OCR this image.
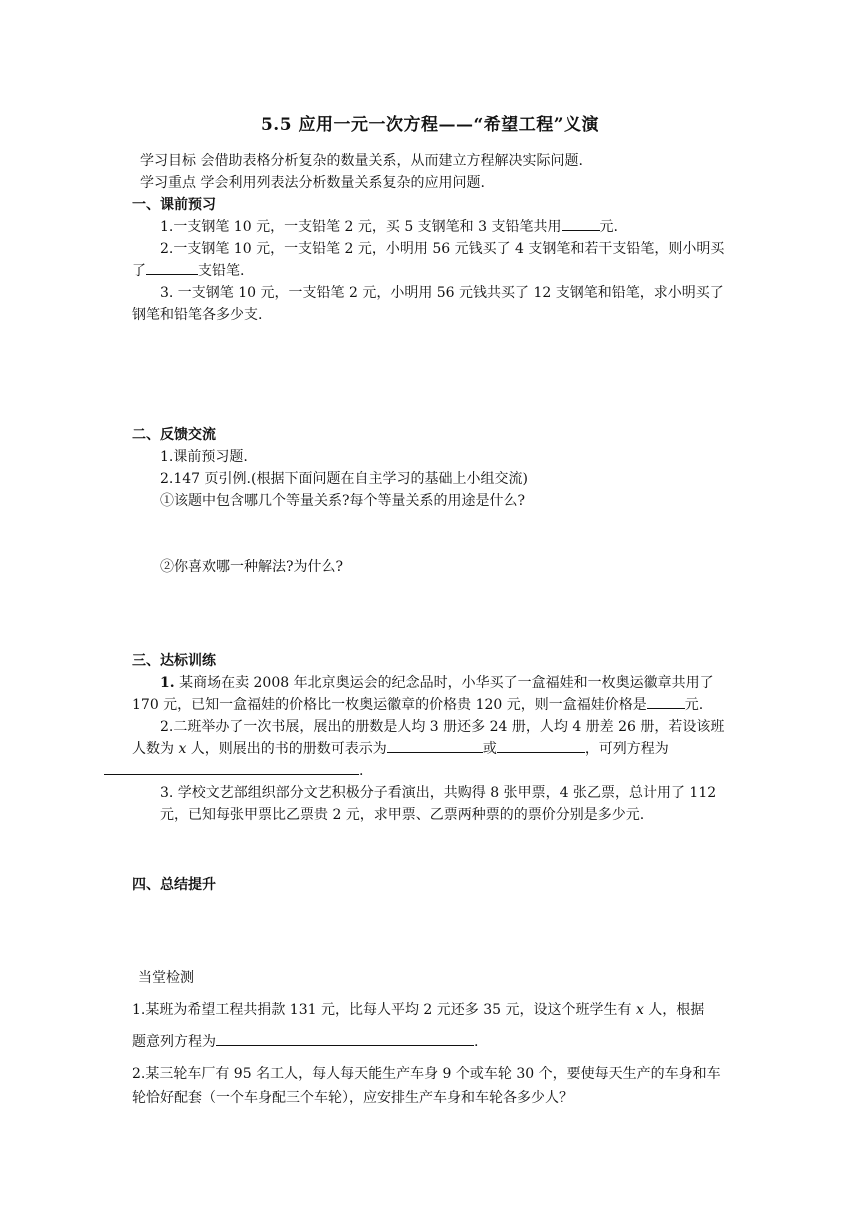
5.5 应用一元一次方程——“希望工程”义演
学习目标 会借助表格分析复杂的数量关系，从而建立方程解决实际问题.
学习重点 学会利用列表法分析数量关系复杂的应用问题.
一、课前预习
1.一支钢笔 10 元，一支铅笔 2 元，买 5 支钢笔和 3 支铅笔共用	元.
2.一支钢笔 10 元，一支铅笔 2 元，小明用 56 元钱买了 4 支钢笔和若干支铅笔，则小明买了	支铅笔.
3. 一支钢笔 10 元，一支铅笔 2 元，小明用 56 元钱共买了 12 支钢笔和铅笔，求小明买了钢笔和铅笔各多少支.
二、反馈交流
1.课前预习题.
2.147 页引例.(根据下面问题在自主学习的基础上小组交流)
①该题中包含哪几个等量关系?每个等量关系的用途是什么?
②你喜欢哪一种解法?为什么?
三、达标训练
1. 某商场在卖 2008 年北京奥运会的纪念品时，小华买了一盒福娃和一枚奥运徽章共用了 170 元，已知一盒福娃的价格比一枚奥运徽章的价格贵 120 元，则一盒福娃价格是	元.
2.二班举办了一次书展，展出的册数是人均 3 册还多 24 册，人均 4 册差 26 册，若设该班人数为 x 人，则展出的书的册数可表示为	或	，可列方程为
.
3. 学校文艺部组织部分文艺积极分子看演出，共购得 8 张甲票，4 张乙票，总计用了 112 元，已知每张甲票比乙票贵 2 元，求甲票、乙票两种票的的票价分别是多少元.
四、总结提升
当堂检测
1.某班为希望工程共捐款 131 元，比每人平均 2 元还多 35 元，设这个班学生有 x 人，根据
题意列方程为	.
2.某三轮车厂有 95 名工人，每人每天能生产车身 9 个或车轮 30 个，要使每天生产的车身和车轮恰好配套（一个车身配三个车轮），应安排生产车身和车轮各多少人？
